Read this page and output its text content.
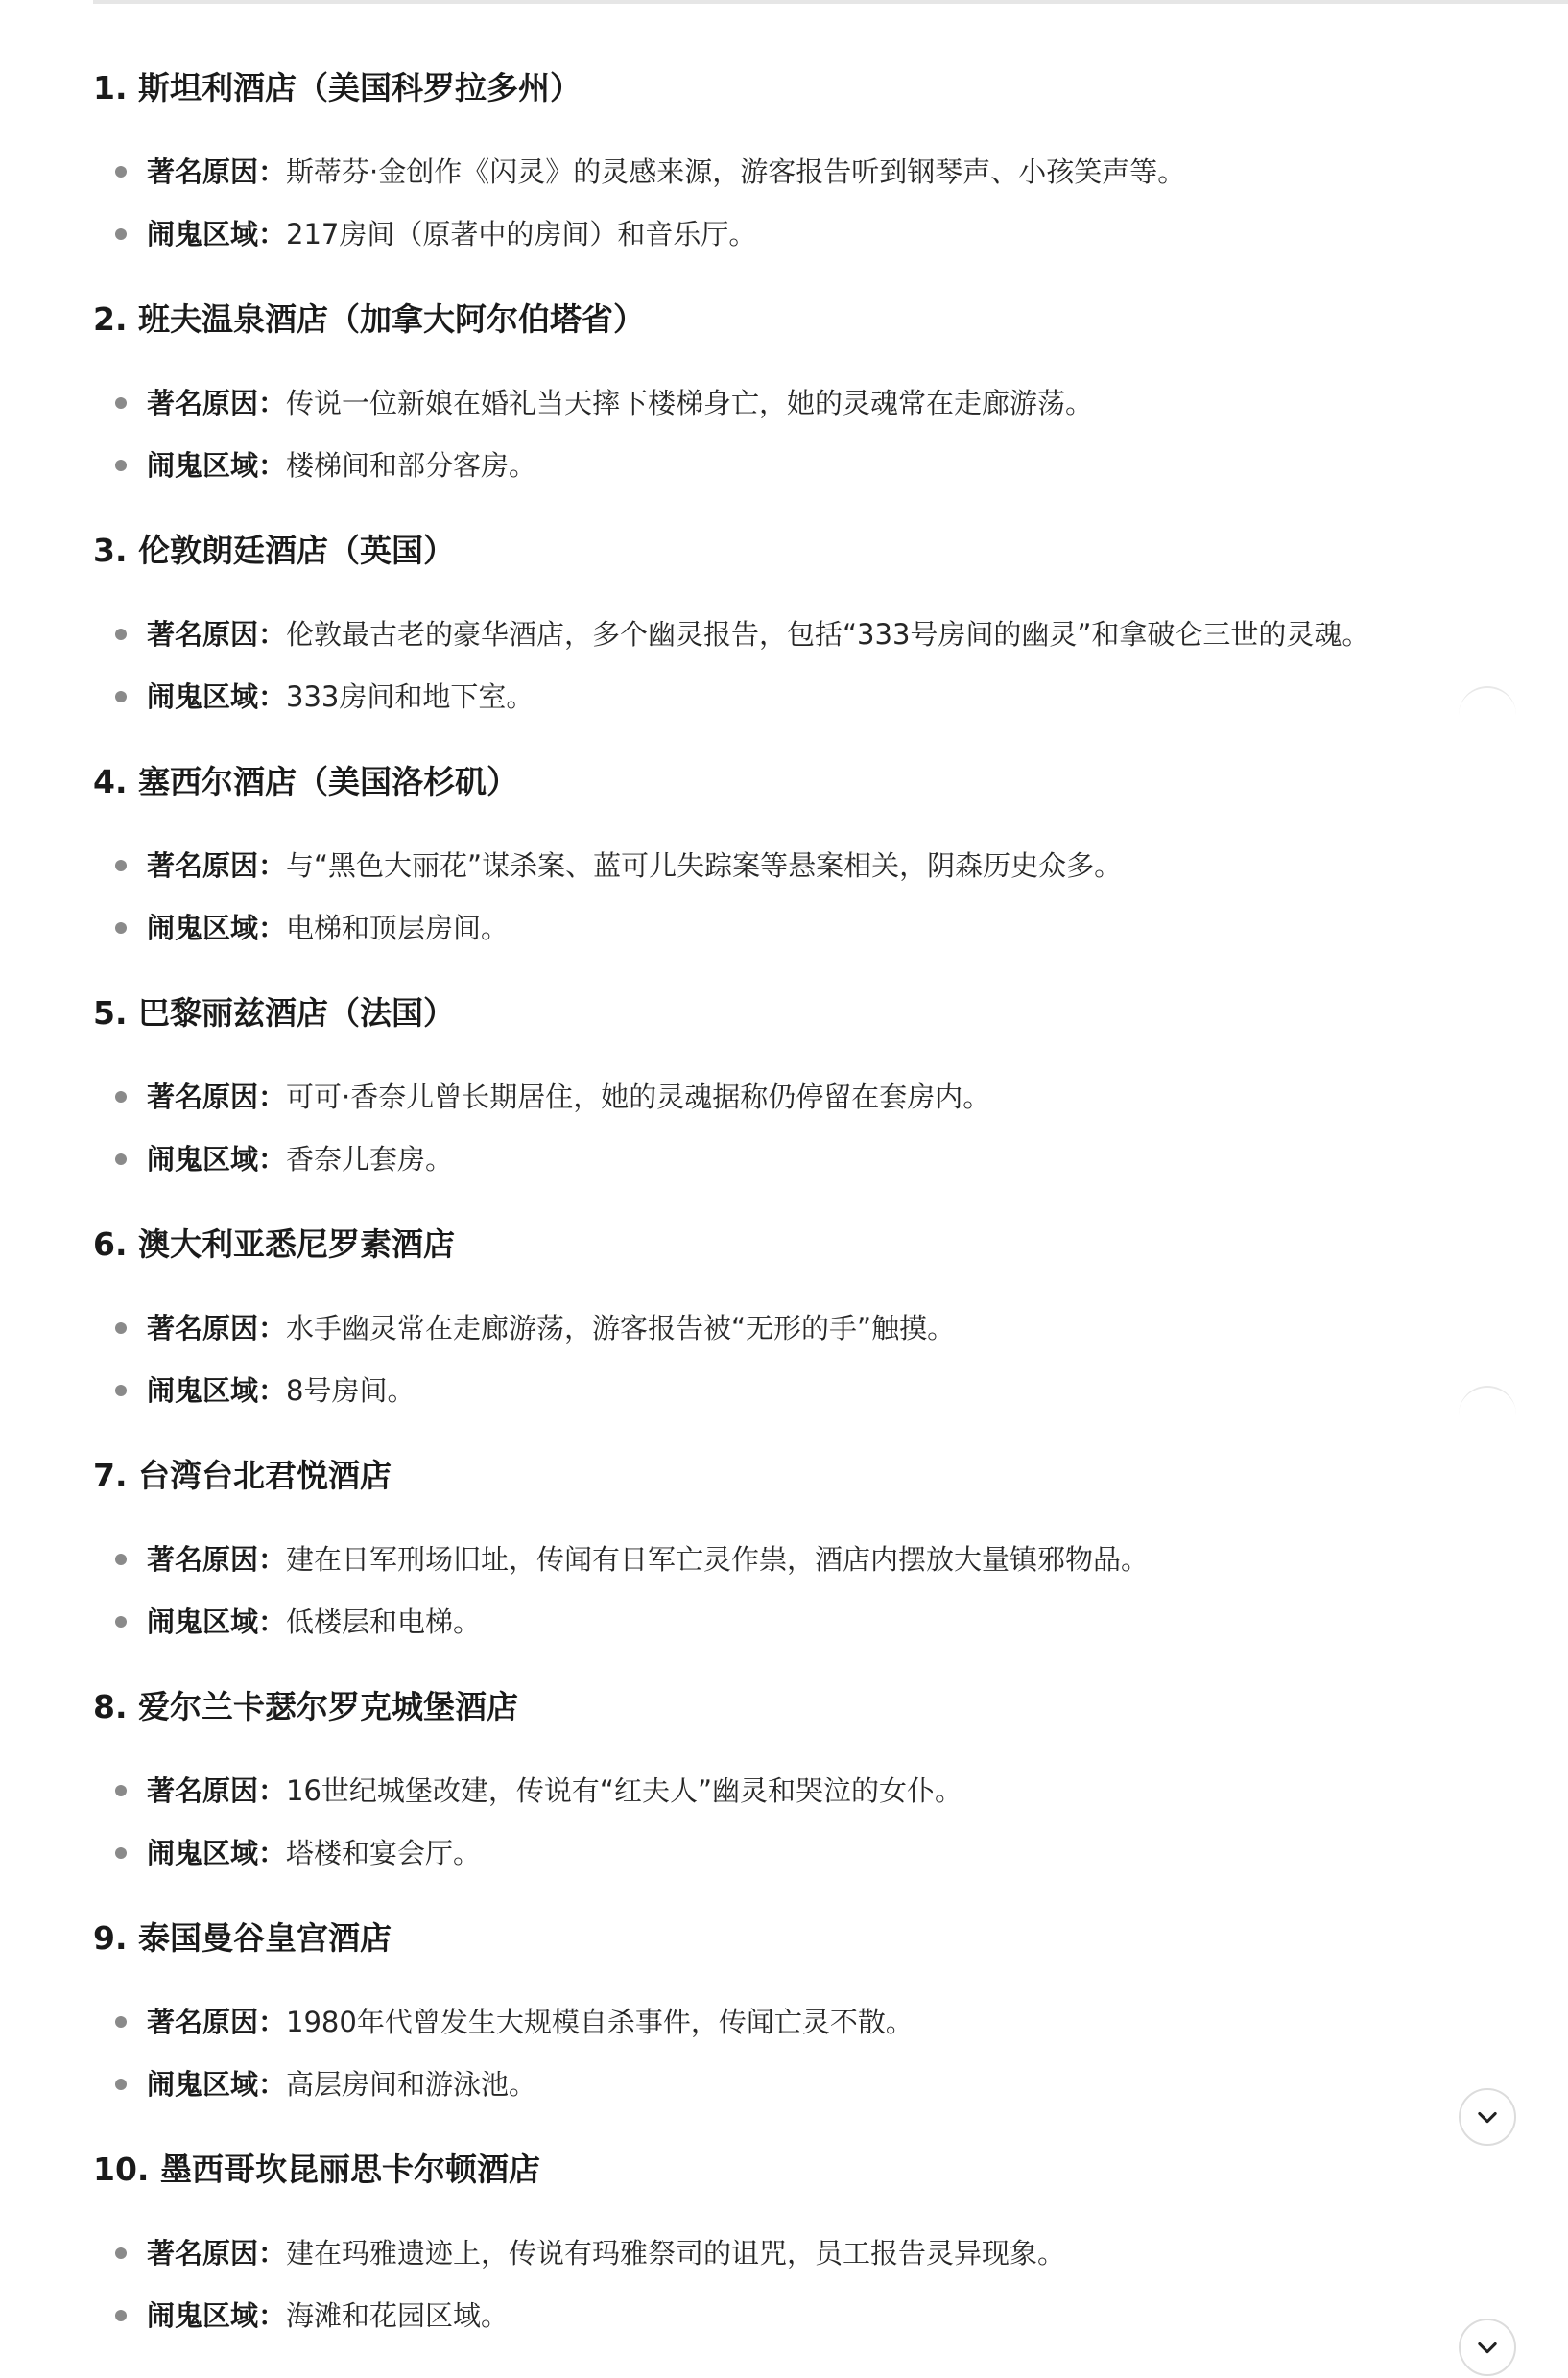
1. 斯坦利酒店（美国科罗拉多州）
著名原因：斯蒂芬·金创作《闪灵》的灵感来源，游客报告听到钢琴声、小孩笑声等。
闹鬼区域：217房间（原著中的房间）和音乐厅。
2. 班夫温泉酒店（加拿大阿尔伯塔省）
著名原因：传说一位新娘在婚礼当天摔下楼梯身亡，她的灵魂常在走廊游荡。
闹鬼区域：楼梯间和部分客房。
3. 伦敦朗廷酒店（英国）
著名原因：伦敦最古老的豪华酒店，多个幽灵报告，包括“333号房间的幽灵”和拿破仑三世的灵魂。
闹鬼区域：333房间和地下室。
4. 塞西尔酒店（美国洛杉矶）
著名原因：与“黑色大丽花”谋杀案、蓝可儿失踪案等悬案相关，阴森历史众多。
闹鬼区域：电梯和顶层房间。
5. 巴黎丽兹酒店（法国）
著名原因：可可·香奈儿曾长期居住，她的灵魂据称仍停留在套房内。
闹鬼区域：香奈儿套房。
6. 澳大利亚悉尼罗素酒店
著名原因：水手幽灵常在走廊游荡，游客报告被“无形的手”触摸。
闹鬼区域：8号房间。
7. 台湾台北君悦酒店
著名原因：建在日军刑场旧址，传闻有日军亡灵作祟，酒店内摆放大量镇邪物品。
闹鬼区域：低楼层和电梯。
8. 爱尔兰卡瑟尔罗克城堡酒店
著名原因：16世纪城堡改建，传说有“红夫人”幽灵和哭泣的女仆。
闹鬼区域：塔楼和宴会厅。
9. 泰国曼谷皇宫酒店
著名原因：1980年代曾发生大规模自杀事件，传闻亡灵不散。
闹鬼区域：高层房间和游泳池。
10. 墨西哥坎昆丽思卡尔顿酒店
著名原因：建在玛雅遗迹上，传说有玛雅祭司的诅咒，员工报告灵异现象。
闹鬼区域：海滩和花园区域。
